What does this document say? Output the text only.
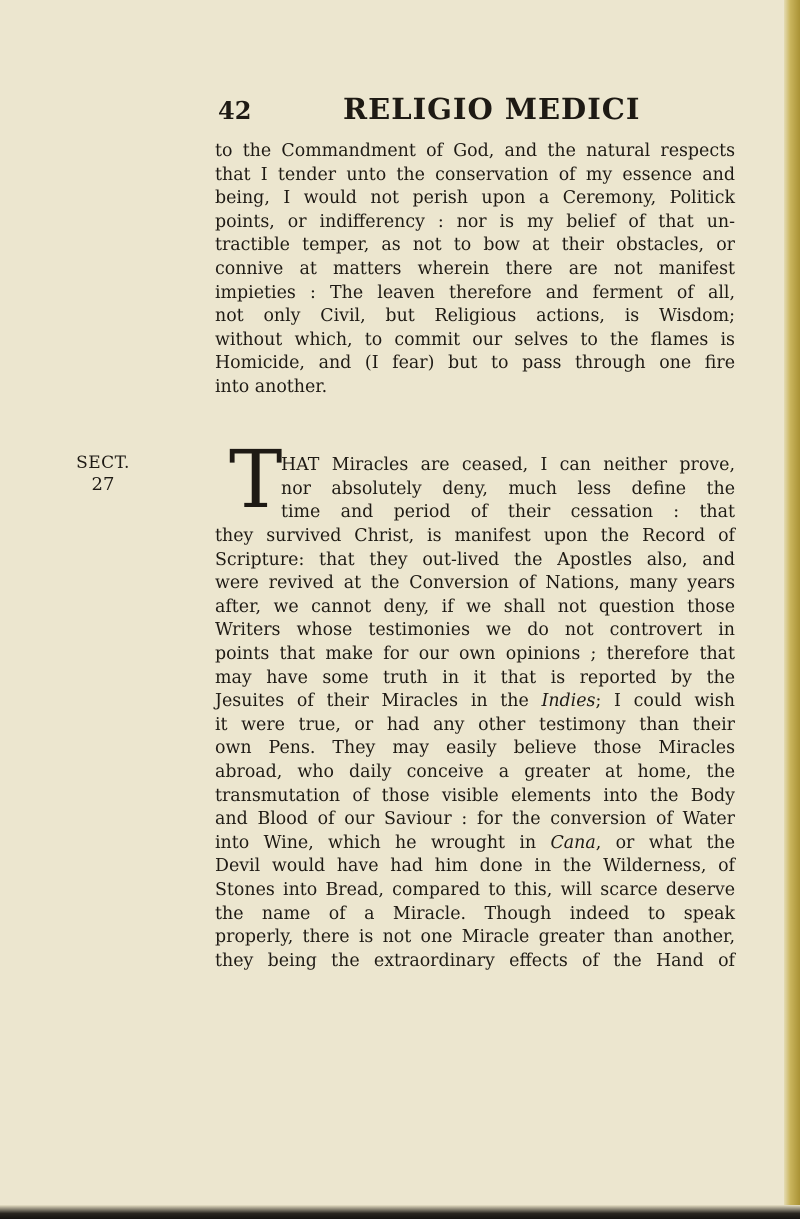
42	RELIGIO MEDICI
to the Commandment of God, and the natural respects
that I tender unto the conservation of my essence and
being, I would not perish upon a Ceremony, Politick
points, or indifferency : nor is my belief of that un-
tractible temper, as not to bow at their obstacles, or
connive at matters wherein there are not manifest
impieties : The leaven therefore and ferment of all,
not only Civil, but Religious actions, is Wisdom;
without which, to commit our selves to the flames is
Homicide, and (I fear) but to pass through one fire
into another.
SECT.
27	T
HAT Miracles are ceased, I can neither prove,
nor absolutely deny, much less define the
time and period of their cessation : that
they survived Christ, is manifest upon the Record of
Scripture: that they out-lived the Apostles also, and
were revived at the Conversion of Nations, many years
after, we cannot deny, if we shall not question those
Writers whose testimonies we do not controvert in
points that make for our own opinions ; therefore that
may have some truth in it that is reported by the
Jesuites of their Miracles in the Indies; I could wish
it were true, or had any other testimony than their
own Pens. They may easily believe those Miracles
abroad, who daily conceive a greater at home, the
transmutation of those visible elements into the Body
and Blood of our Saviour : for the conversion of Water
into Wine, which he wrought in Cana, or what the
Devil would have had him done in the Wilderness, of
Stones into Bread, compared to this, will scarce deserve
the name of a Miracle. Though indeed to speak
properly, there is not one Miracle greater than another,
they being the extraordinary effects of the Hand of
